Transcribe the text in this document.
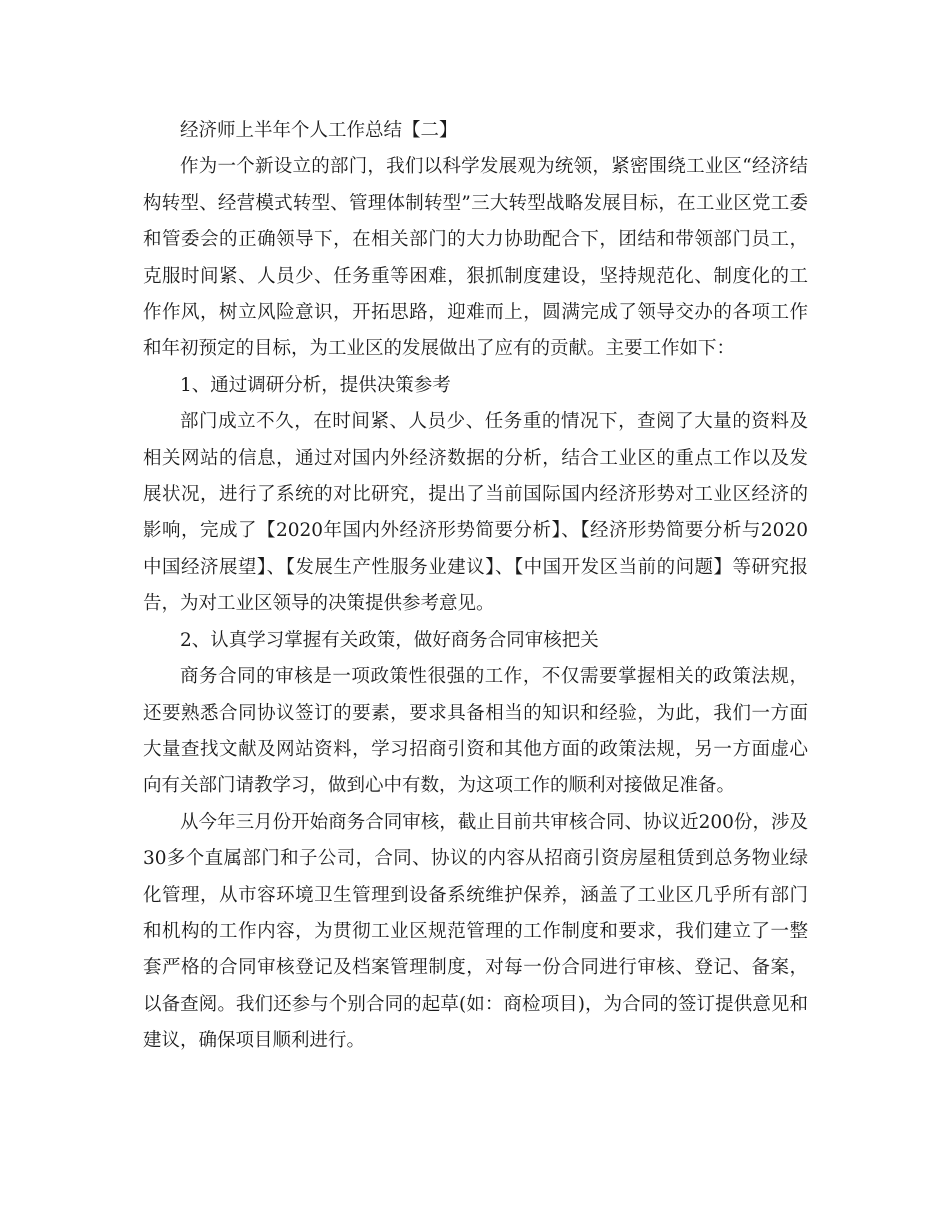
经济师上半年个人工作总结【二】

作为一个新设立的部门，我们以科学发展观为统领，紧密围绕工业区“经济结构转型、经营模式转型、管理体制转型”三大转型战略发展目标，在工业区党工委和管委会的正确领导下，在相关部门的大力协助配合下，团结和带领部门员工，克服时间紧、人员少、任务重等困难，狠抓制度建设，坚持规范化、制度化的工作作风，树立风险意识，开拓思路，迎难而上，圆满完成了领导交办的各项工作和年初预定的目标，为工业区的发展做出了应有的贡献。主要工作如下：

1、通过调研分析，提供决策参考

部门成立不久，在时间紧、人员少、任务重的情况下，查阅了大量的资料及相关网站的信息，通过对国内外经济数据的分析，结合工业区的重点工作以及发展状况，进行了系统的对比研究，提出了当前国际国内经济形势对工业区经济的影响，完成了【2020年国内外经济形势简要分析】、【经济形势简要分析与2020中国经济展望】、【发展生产性服务业建议】、【中国开发区当前的问题】等研究报告，为对工业区领导的决策提供参考意见。

2、认真学习掌握有关政策，做好商务合同审核把关

商务合同的审核是一项政策性很强的工作，不仅需要掌握相关的政策法规，还要熟悉合同协议签订的要素，要求具备相当的知识和经验，为此，我们一方面大量查找文献及网站资料，学习招商引资和其他方面的政策法规，另一方面虚心向有关部门请教学习，做到心中有数，为这项工作的顺利对接做足准备。

从今年三月份开始商务合同审核，截止目前共审核合同、协议近200份，涉及30多个直属部门和子公司，合同、协议的内容从招商引资房屋租赁到总务物业绿化管理，从市容环境卫生管理到设备系统维护保养，涵盖了工业区几乎所有部门和机构的工作内容，为贯彻工业区规范管理的工作制度和要求，我们建立了一整套严格的合同审核登记及档案管理制度，对每一份合同进行审核、登记、备案，以备查阅。我们还参与个别合同的起草(如：商检项目)，为合同的签订提供意见和建议，确保项目顺利进行。
